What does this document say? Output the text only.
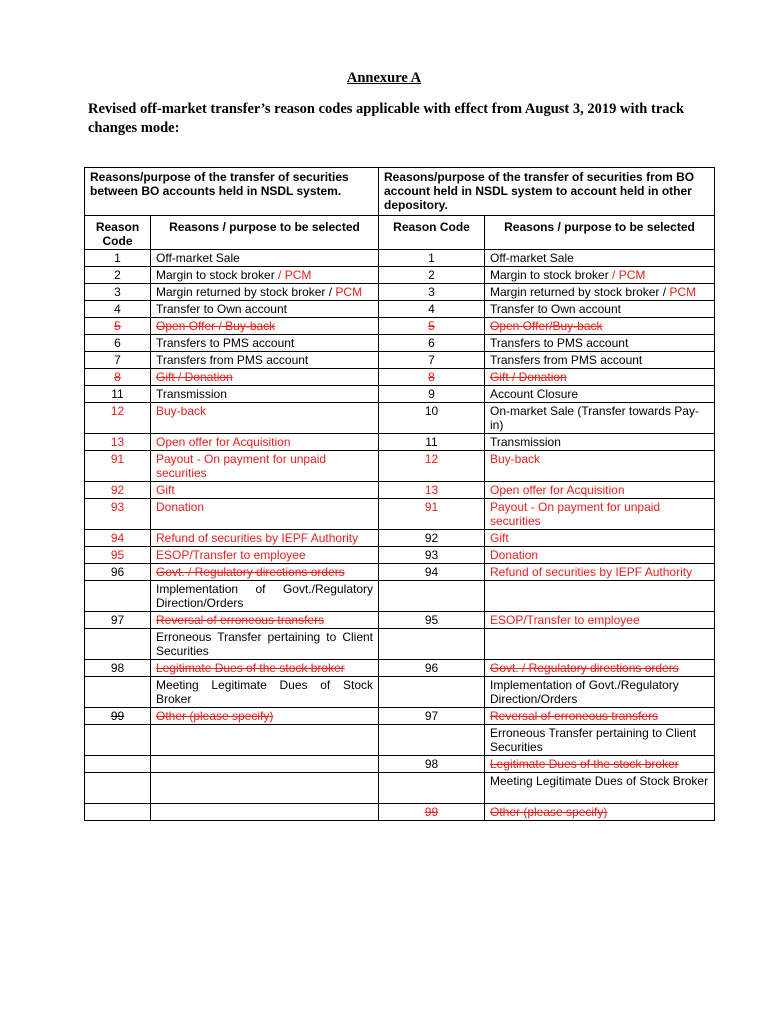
Annexure A
Revised off-market transfer’s reason codes applicable with effect from August 3, 2019 with track changes mode:
Reasons/purpose of the transfer of securities between BO accounts held in NSDL system.		Reasons/purpose of the transfer of securities from BO account held in NSDL system to account held in other depository.	
Reason Code	Reasons / purpose to be selected	Reason Code	Reasons / purpose to be selected
1	Off-market Sale	1	Off-market Sale
2	Margin to stock broker / PCM	2	Margin to stock broker / PCM
3	Margin returned by stock broker / PCM	3	Margin returned by stock broker / PCM
4	Transfer to Own account	4	Transfer to Own account
5	Open Offer / Buy-back	5	Open Offer/Buy-back
6	Transfers to PMS account	6	Transfers to PMS account
7	Transfers from PMS account	7	Transfers from PMS account
8	Gift / Donation	8	Gift / Donation
11	Transmission	9	Account Closure
12	Buy-back	10	On-market Sale (Transfer towards Pay-in)
13	Open offer for Acquisition	11	Transmission
91	Payout - On payment for unpaid securities	12	Buy-back
92	Gift	13	Open offer for Acquisition
93	Donation	91	Payout - On payment for unpaid securities
94	Refund of securities by IEPF Authority	92	Gift
95	ESOP/Transfer to employee	93	Donation
96	Govt. / Regulatory directions orders	94	Refund of securities by IEPF Authority
	Implementation of Govt./Regulatory Direction/Orders		
97	Reversal of erroneous transfers	95	ESOP/Transfer to employee
	Erroneous Transfer pertaining to Client Securities		
98	Legitimate Dues of the stock broker	96	Govt. / Regulatory directions orders
	Meeting Legitimate Dues of Stock Broker		Implementation of Govt./Regulatory Direction/Orders
99	Other (please specify)	97	Reversal of erroneous transfers
			Erroneous Transfer pertaining to Client Securities
		98	Legitimate Dues of the stock broker
			Meeting Legitimate Dues of Stock Broker
		99	Other (please specify)
